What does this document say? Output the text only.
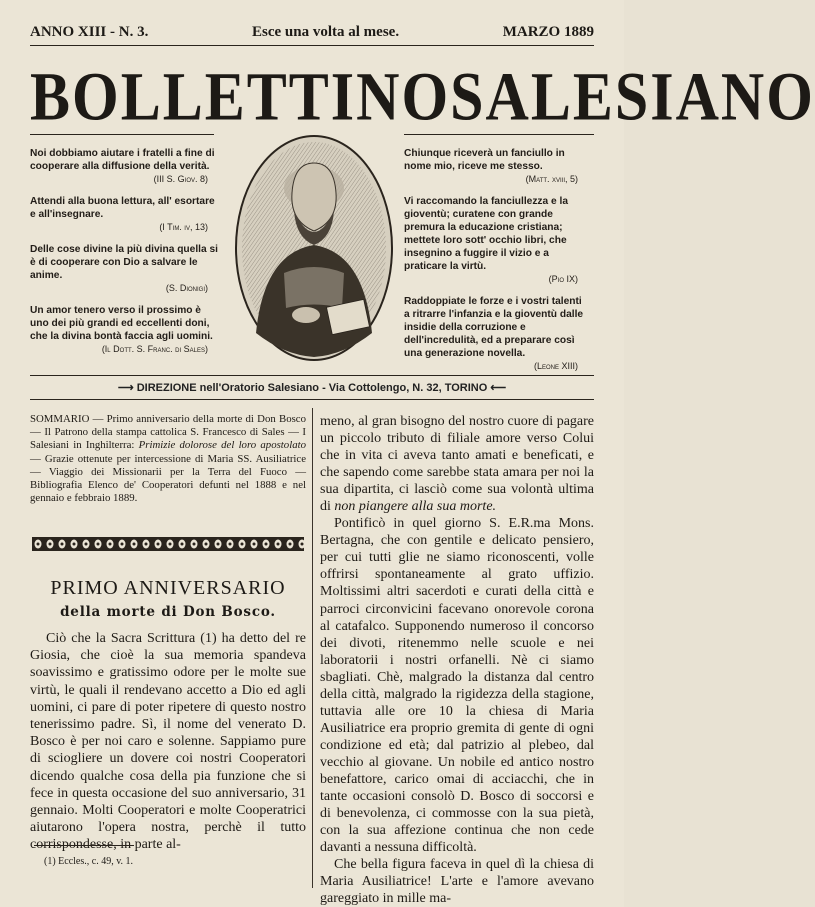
ANNO XIII - N. 3.	Esce una volta al mese.	MARZO 1889
BOLLETTINO SALESIANO
Noi dobbiamo aiutare i fratelli a fine di cooperare alla diffusione della verità.
(III S. Giov. 8)
Attendi alla buona lettura, all' esortare e all'insegnare.
(I Tim. iv, 13)
Delle cose divine la più divina quella si è di cooperare con Dio a salvare le anime.
(S. Dionigi)
Un amor tenero verso il prossimo è uno dei più grandi ed eccellenti doni, che la divina bontà faccia agli uomini.
(Il Dott. S. Franc. di Sales)
Chiunque riceverà un fanciullo in nome mio, riceve me stesso.
(Matt. xviii, 5)
Vi raccomando la fanciullezza e la gioventù; curatene con grande premura la educazione cristiana; mettete loro sott' occhio libri, che insegnino a fuggire il vizio e a praticare la virtù.
(Pio IX)
Raddoppiate le forze e i vostri talenti a ritrarre l'infanzia e la gioventù dalle insidie della corruzione e dell'incredulità, ed a preparare così una generazione novella.
(Leone XIII)
⟶ DIREZIONE nell'Oratorio Salesiano - Via Cottolengo, N. 32, TORINO ⟵
SOMMARIO — Primo anniversario della morte di Don Bosco — Il Patrono della stampa cattolica S. Francesco di Sales — I Salesiani in Inghilterra: Primizie dolorose del loro apostolato — Grazie ottenute per intercessione di Maria SS. Ausiliatrice — Viaggio dei Missionarii per la Terra del Fuoco — Bibliografia Elenco de' Cooperatori defunti nel 1888 e nel gennaio e febbraio 1889.
PRIMO ANNIVERSARIO
della morte di Don Bosco.
Ciò che la Sacra Scrittura (1) ha detto del re Giosia, che cioè la sua memoria spandeva soavissimo e gratissimo odore per le molte sue virtù, le quali il rendevano accetto a Dio ed agli uomini, ci pare di poter ripetere di questo nostro tenerissimo padre. Sì, il nome del venerato D. Bosco è per noi caro e solenne. Sappiamo pure di sciogliere un dovere coi nostri Cooperatori dicendo qualche cosa della pia funzione che si fece in questa occasione del suo anniversario, 31 gennaio. Molti Cooperatori e molte Cooperatrici aiutarono l'opera nostra, perchè il tutto corrispondesse, in parte al-
(1) Eccles., c. 49, v. 1.

meno, al gran bisogno del nostro cuore di pagare un piccolo tributo di filiale amore verso Colui che in vita ci aveva tanto amati e beneficati, e che sapendo come sarebbe stata amara per noi la sua dipartita, ci lasciò come sua volontà ultima di non piangere alla sua morte.

Pontificò in quel giorno S. E.R.ma Mons. Bertagna, che con gentile e delicato pensiero, per cui tutti glie ne siamo riconoscenti, volle offrirsi spontaneamente al grato uffizio. Moltissimi altri sacerdoti e curati della città e parroci circonvicini facevano onorevole corona al catafalco. Supponendo numeroso il concorso dei divoti, ritenemmo nelle scuole e nei laboratorii i nostri orfanelli. Nè ci siamo sbagliati. Chè, malgrado la distanza dal centro della città, malgrado la rigidezza della stagione, tuttavia alle ore 10 la chiesa di Maria Ausiliatrice era proprio gremita di gente di ogni condizione ed età; dal patrizio al plebeo, dal vecchio al giovane. Un nobile ed antico nostro benefattore, carico omai di acciacchi, che in tante occasioni consolò D. Bosco di soccorsi e di benevolenza, ci commosse con la sua pietà, con la sua affezione continua che non cede davanti a nessuna difficoltà.

Che bella figura faceva in quel dì la chiesa di Maria Ausiliatrice! L'arte e l'amore avevano gareggiato in mille ma-
